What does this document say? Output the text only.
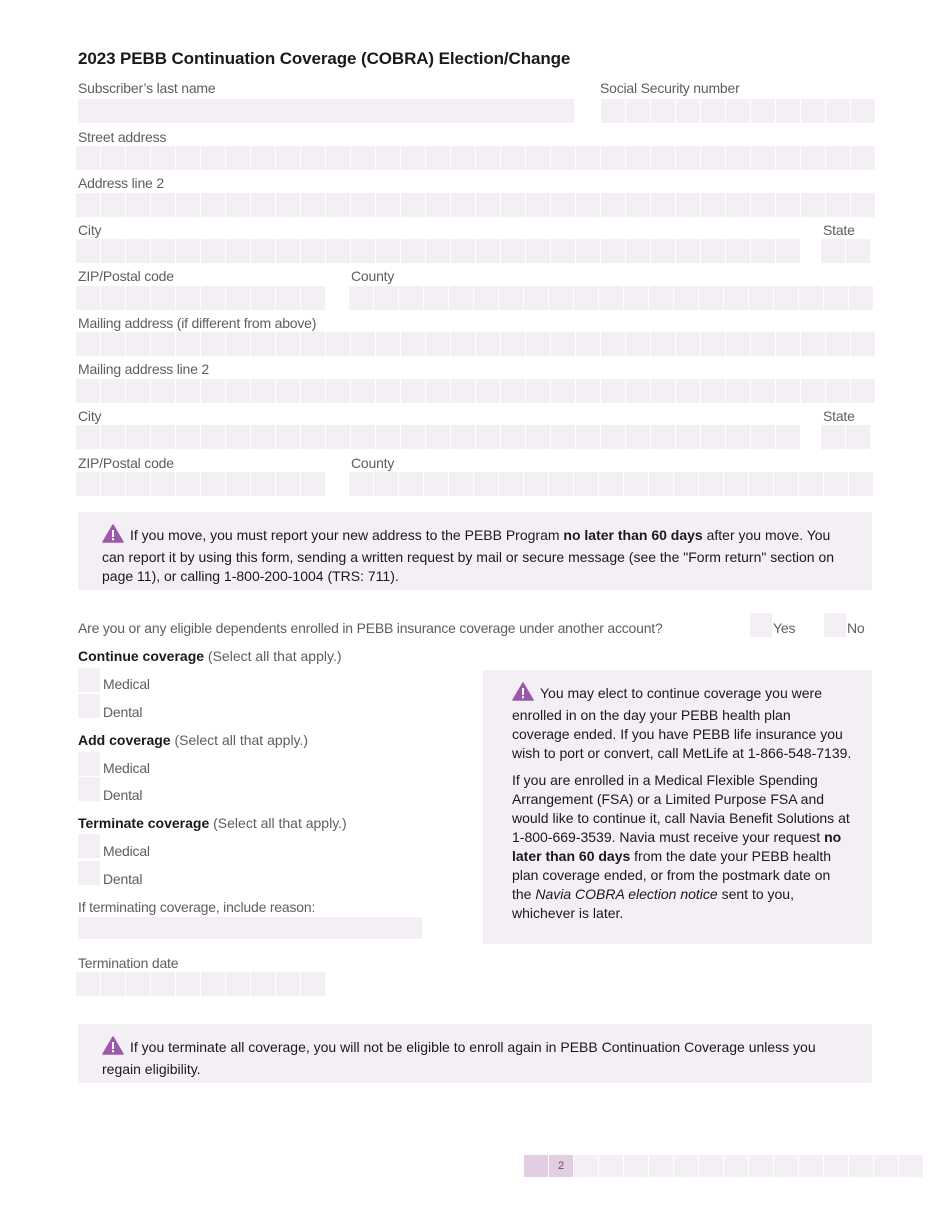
2023 PEBB Continuation Coverage (COBRA) Election/Change
Subscriber’s last name	Social Security number
Street address
Address line 2
City	State
ZIP/Postal code	County
Mailing address (if different from above)
Mailing address line 2
City	State
ZIP/Postal code	County
If you move, you must report your new address to the PEBB Program no later than 60 days after you move. You can report it by using this form, sending a written request by mail or secure message (see the "Form return" section on page 11), or calling 1-800-200-1004 (TRS: 711).
Are you or any eligible dependents enrolled in PEBB insurance coverage under another account?	Yes	No
Continue coverage (Select all that apply.)
Medical
Dental
Add coverage (Select all that apply.)
Medical
Dental
Terminate coverage (Select all that apply.)
Medical
Dental
If terminating coverage, include reason:
Termination date

You may elect to continue coverage you were enrolled in on the day your PEBB health plan coverage ended. If you have PEBB life insurance you wish to port or convert, call MetLife at 1-866-548-7139.

If you are enrolled in a Medical Flexible Spending Arrangement (FSA) or a Limited Purpose FSA and would like to continue it, call Navia Benefit Solutions at 1-800-669-3539. Navia must receive your request no later than 60 days from the date your PEBB health plan coverage ended, or from the postmark date on the Navia COBRA election notice sent to you, whichever is later.

If you terminate all coverage, you will not be eligible to enroll again in PEBB Continuation Coverage unless you regain eligibility.
2
